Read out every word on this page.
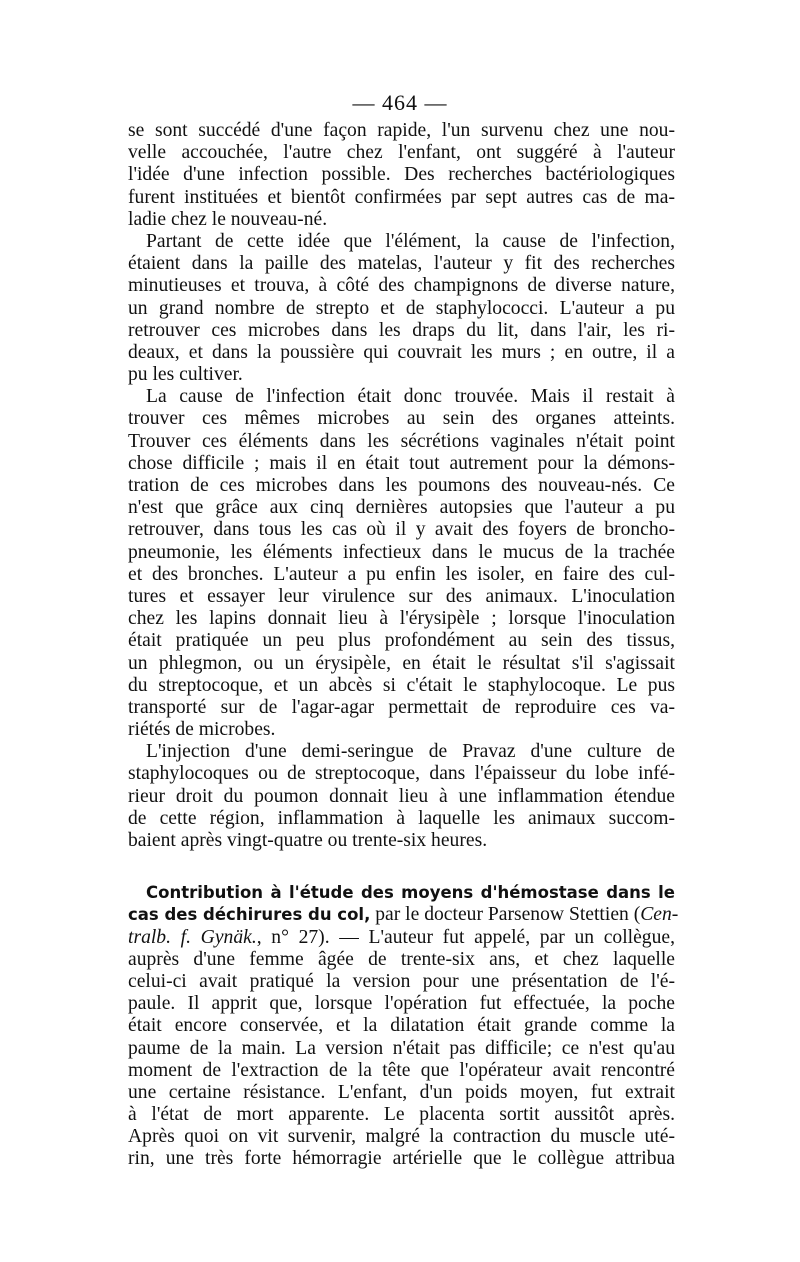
— 464 —
se sont succédé d'une façon rapide, l'un survenu chez une nou-
velle accouchée, l'autre chez l'enfant, ont suggéré à l'auteur
l'idée d'une infection possible. Des recherches bactériologiques
furent instituées et bientôt confirmées par sept autres cas de ma-
ladie chez le nouveau-né.
Partant de cette idée que l'élément, la cause de l'infection,
étaient dans la paille des matelas, l'auteur y fit des recherches
minutieuses et trouva, à côté des champignons de diverse nature,
un grand nombre de strepto et de staphylococci. L'auteur a pu
retrouver ces microbes dans les draps du lit, dans l'air, les ri-
deaux, et dans la poussière qui couvrait les murs ; en outre, il a
pu les cultiver.
La cause de l'infection était donc trouvée. Mais il restait à
trouver ces mêmes microbes au sein des organes atteints.
Trouver ces éléments dans les sécrétions vaginales n'était point
chose difficile ; mais il en était tout autrement pour la démons-
tration de ces microbes dans les poumons des nouveau-nés. Ce
n'est que grâce aux cinq dernières autopsies que l'auteur a pu
retrouver, dans tous les cas où il y avait des foyers de broncho-
pneumonie, les éléments infectieux dans le mucus de la trachée
et des bronches. L'auteur a pu enfin les isoler, en faire des cul-
tures et essayer leur virulence sur des animaux. L'inoculation
chez les lapins donnait lieu à l'érysipèle ; lorsque l'inoculation
était pratiquée un peu plus profondément au sein des tissus,
un phlegmon, ou un érysipèle, en était le résultat s'il s'agissait
du streptocoque, et un abcès si c'était le staphylocoque. Le pus
transporté sur de l'agar-agar permettait de reproduire ces va-
riétés de microbes.
L'injection d'une demi-seringue de Pravaz d'une culture de
staphylocoques ou de streptocoque, dans l'épaisseur du lobe infé-
rieur droit du poumon donnait lieu à une inflammation étendue
de cette région, inflammation à laquelle les animaux succom-
baient après vingt-quatre ou trente-six heures.
Contribution à l'étude des moyens d'hémostase dans le
cas des déchirures du col, par le docteur Parsenow Stettien (Cen-
tralb. f. Gynäk., n° 27). — L'auteur fut appelé, par un collègue,
auprès d'une femme âgée de trente-six ans, et chez laquelle
celui-ci avait pratiqué la version pour une présentation de l'é-
paule. Il apprit que, lorsque l'opération fut effectuée, la poche
était encore conservée, et la dilatation était grande comme la
paume de la main. La version n'était pas difficile; ce n'est qu'au
moment de l'extraction de la tête que l'opérateur avait rencontré
une certaine résistance. L'enfant, d'un poids moyen, fut extrait
à l'état de mort apparente. Le placenta sortit aussitôt après.
Après quoi on vit survenir, malgré la contraction du muscle uté-
rin, une très forte hémorragie artérielle que le collègue attribua
